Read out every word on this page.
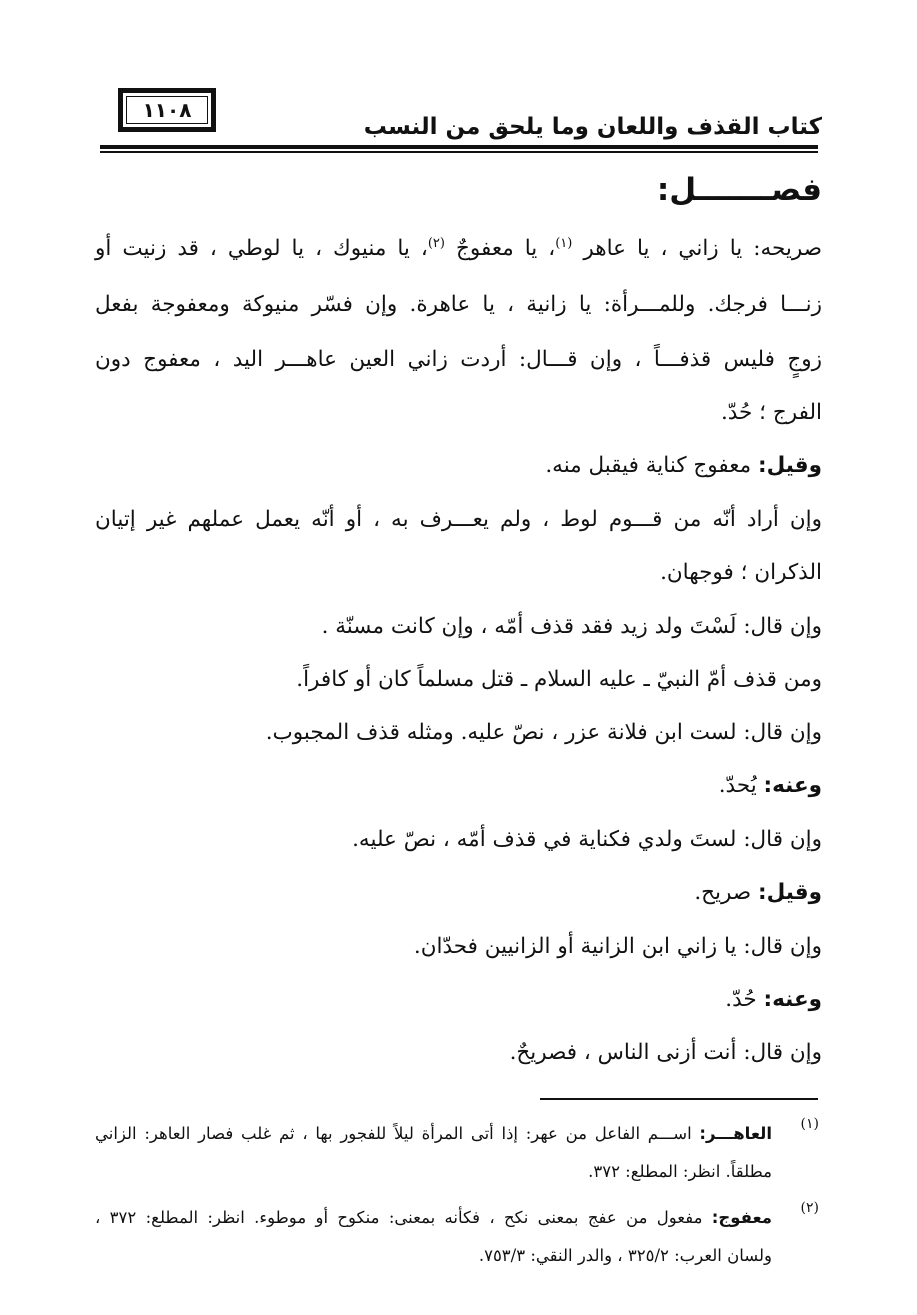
١١٠٨
كتاب القذف واللعان وما يلحق من النسب
فصـــــــل:
صريحه: يا زاني ، يا عاهر $^{(١)}$، يا معفوجٌ $^{(٢)}$، يا منيوك ، يا لوطي ، قد زنيت أو
زنـــا فرجك. وللمـــرأة: يا زانية ، يا عاهرة. وإن فسّر منيوكة ومعفوجة بفعل
زوجٍ فليس قذفـــاً ، وإن قـــال: أردت زاني العين عاهـــر اليد ، معفوج دون
الفرج ؛ حُدّ.
وقيل: معفوج كناية فيقبل منه.
وإن أراد أنّه من قـــوم لوط ، ولم يعـــرف به ، أو أنّه يعمل عملهم غير إتيان
الذكران ؛ فوجهان.
وإن قال: لَسْتَ ولد زيد فقد قذف أمّه ، وإن كانت مسنّة .
ومن قذف أمّ النبيّ ـ عليه السلام ـ قتل مسلماً كان أو كافراً.
وإن قال: لست ابن فلانة عزر ، نصّ عليه. ومثله قذف المجبوب.
وعنه: يُحدّ.
وإن قال: لستَ ولدي فكناية في قذف أمّه ، نصّ عليه.
وقيل: صريح.
وإن قال: يا زاني ابن الزانية أو الزانيين فحدّان.
وعنه: حُدّ.
وإن قال: أنت أزنى الناس ، فصريحٌ.
(١)
العاهـــر: اســـم الفاعل من عهر: إذا أتى المرأة ليلاً للفجور بها ، ثم غلب فصار العاهر: الزاني
مطلقاً. انظر: المطلع: ٣٧٢.
(٢)
معفوج: مفعول من عفج بمعنى نكح ، فكأنه بمعنى: منكوح أو موطوء. انظر: المطلع: ٣٧٢ ،
ولسان العرب: ٣٢٥/٢ ، والدر النقي: ٧٥٣/٣.
